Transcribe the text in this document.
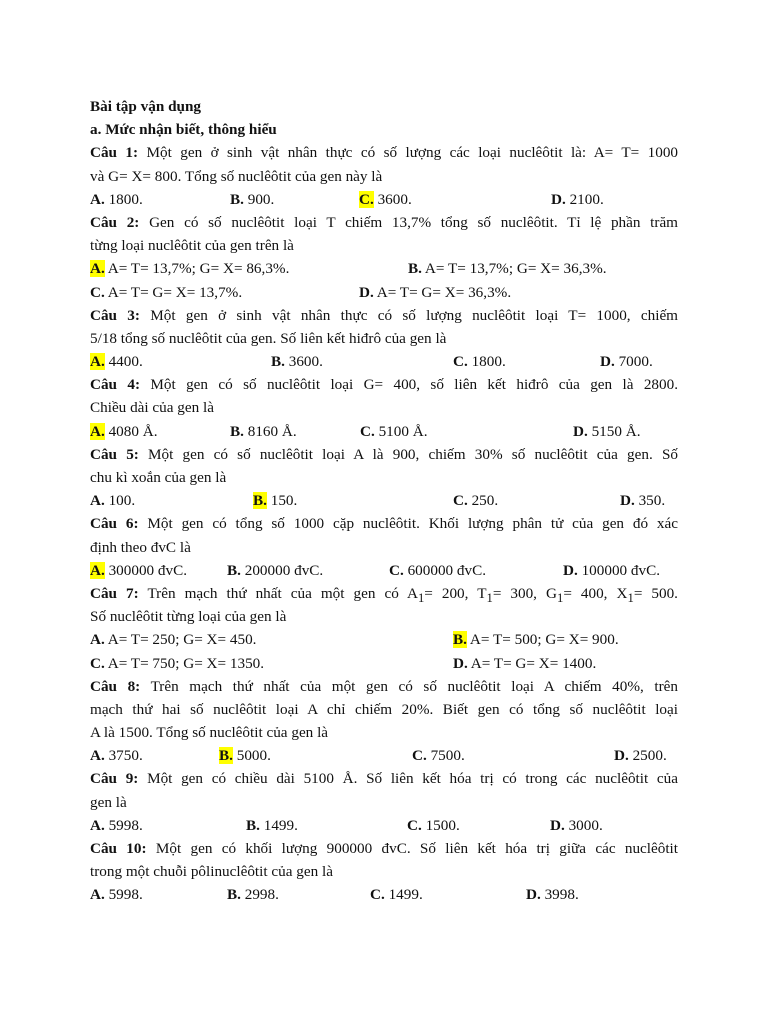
Bài tập vận dụng
a. Mức nhận biết, thông hiểu
Câu 1: Một gen ở sinh vật nhân thực có số lượng các loại nuclêôtit là: A= T= 1000
và G= X= 800. Tổng số nuclêôtit của gen này là
A. 1800.	B. 900.	C. 3600.	D. 2100.
Câu 2: Gen có số nuclêôtit loại T chiếm 13,7% tổng số nuclêôtit. Tỉ lệ phần trăm
từng loại nuclêôtit của gen trên là
A. A= T= 13,7%; G= X= 86,3%.	B. A= T= 13,7%; G= X= 36,3%.
C. A= T= G= X= 13,7%.	D. A= T= G= X= 36,3%.
Câu 3: Một gen ở sinh vật nhân thực có số lượng nuclêôtit loại T= 1000, chiếm
5/18 tổng số nuclêôtit của gen. Số liên kết hiđrô của gen là
A. 4400.	B. 3600.	C. 1800.	D. 7000.
Câu 4: Một gen có số nuclêôtit loại G= 400, số liên kết hiđrô của gen là 2800.
Chiều dài của gen là
A. 4080 Å.	B. 8160 Å.	C. 5100 Å.	D. 5150 Å.
Câu 5: Một gen có số nuclêôtit loại A là 900, chiếm 30% số nuclêôtit của gen. Số
chu kì xoắn của gen là
A. 100.	B. 150.	C. 250.	D. 350.
Câu 6: Một gen có tổng số 1000 cặp nuclêôtit. Khối lượng phân tử của gen đó xác
định theo đvC là
A. 300000 đvC.	B. 200000 đvC.	C. 600000 đvC.	D. 100000 đvC.
Câu 7: Trên mạch thứ nhất của một gen có $A_1= 200$, $T_1= 300$, $G_1= 400$, $X_1= 500$.
Số nuclêôtit từng loại của gen là
A. A= T= 250; G= X= 450.	B. A= T= 500; G= X= 900.
C. A= T= 750; G= X= 1350.	D. A= T= G= X= 1400.
Câu 8: Trên mạch thứ nhất của một gen có số nuclêôtit loại A chiếm 40%, trên
mạch thứ hai số nuclêôtit loại A chỉ chiếm 20%. Biết gen có tổng số nuclêôtit loại
A là 1500. Tổng số nuclêôtit của gen là
A. 3750.	B. 5000.	C. 7500.	D. 2500.
Câu 9: Một gen có chiều dài 5100 Å. Số liên kết hóa trị có trong các nuclêôtit của
gen là
A. 5998.	B. 1499.	C. 1500.	D. 3000.
Câu 10: Một gen có khối lượng 900000 đvC. Số liên kết hóa trị giữa các nuclêôtit
trong một chuỗi pôlinuclêôtit của gen là
A. 5998.	B. 2998.	C. 1499.	D. 3998.
